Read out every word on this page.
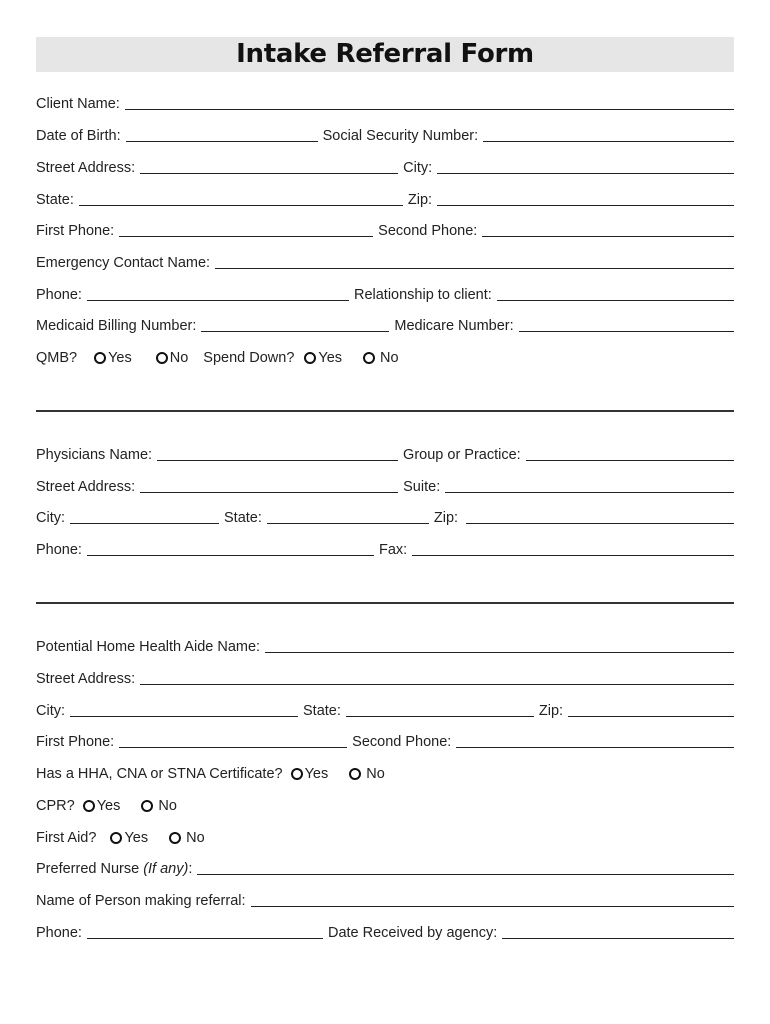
Intake Referral Form
Client Name:
Date of Birth:	Social Security Number:
Street Address:	City:
State:	Zip:
First Phone:	Second Phone:
Emergency Contact Name:
Phone:	Relationship to client:
Medicaid Billing Number:	Medicare Number:
QMB? Yes	No Spend Down? Yes	No
Physicians Name:	Group or Practice:
Street Address:	Suite:
City:	State:	Zip:
Phone:	Fax:
Potential Home Health Aide Name:
Street Address:
City:	State:	Zip:
First Phone:	Second Phone:
Has a HHA, CNA or STNA Certificate? Yes	No
CPR? Yes	No
First Aid? Yes	No
Preferred Nurse (If any):
Name of Person making referral:
Phone:	Date Received by agency:
